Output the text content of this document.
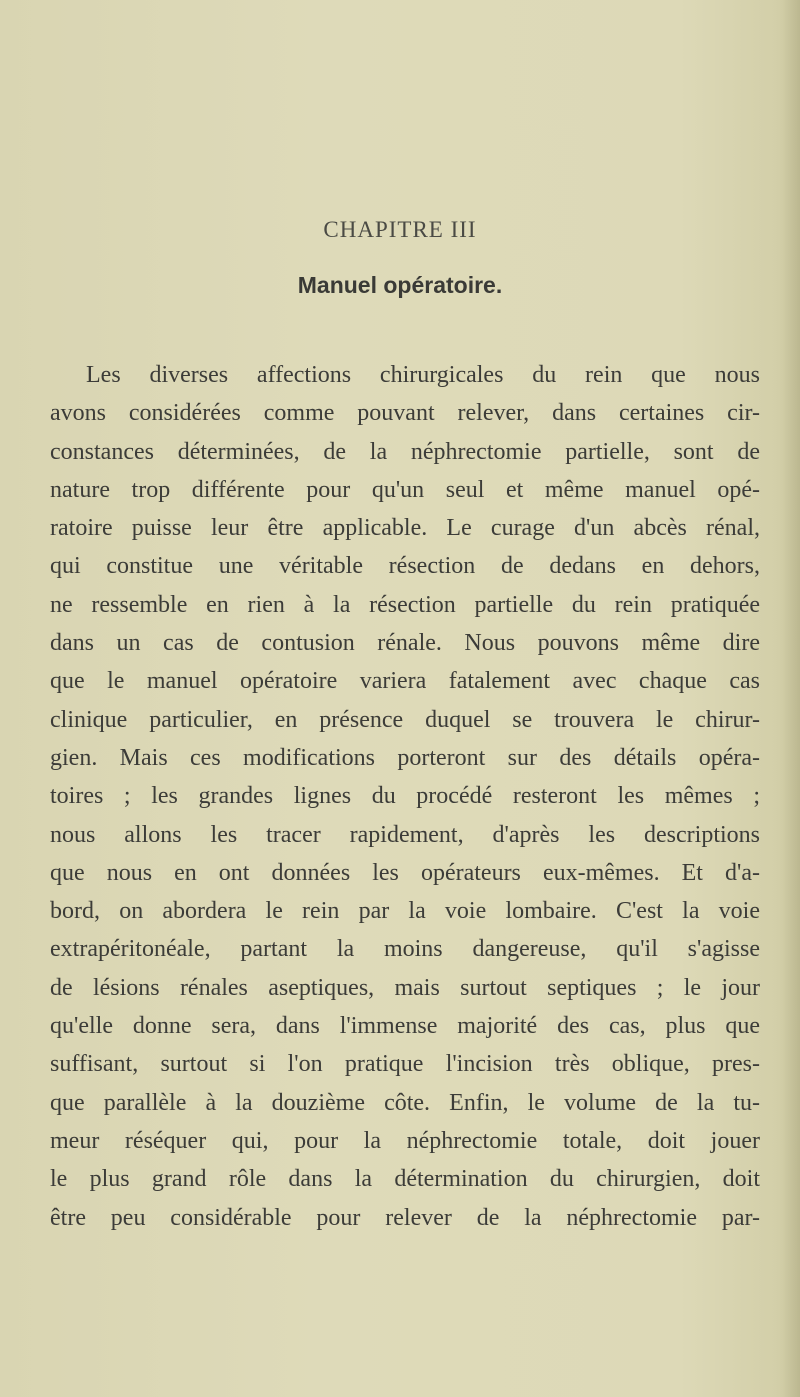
CHAPITRE III
Manuel opératoire.
Les diverses affections chirurgicales du rein que nous
avons considérées comme pouvant relever, dans certaines cir-
constances déterminées, de la néphrectomie partielle, sont de
nature trop différente pour qu'un seul et même manuel opé-
ratoire puisse leur être applicable. Le curage d'un abcès rénal,
qui constitue une véritable résection de dedans en dehors,
ne ressemble en rien à la résection partielle du rein pratiquée
dans un cas de contusion rénale. Nous pouvons même dire
que le manuel opératoire variera fatalement avec chaque cas
clinique particulier, en présence duquel se trouvera le chirur-
gien. Mais ces modifications porteront sur des détails opéra-
toires ; les grandes lignes du procédé resteront les mêmes ;
nous allons les tracer rapidement, d'après les descriptions
que nous en ont données les opérateurs eux-mêmes. Et d'a-
bord, on abordera le rein par la voie lombaire. C'est la voie
extrapéritonéale, partant la moins dangereuse, qu'il s'agisse
de lésions rénales aseptiques, mais surtout septiques ; le jour
qu'elle donne sera, dans l'immense majorité des cas, plus que
suffisant, surtout si l'on pratique l'incision très oblique, pres-
que parallèle à la douzième côte. Enfin, le volume de la tu-
meur réséquer qui, pour la néphrectomie totale, doit jouer
le plus grand rôle dans la détermination du chirurgien, doit
être peu considérable pour relever de la néphrectomie par-
